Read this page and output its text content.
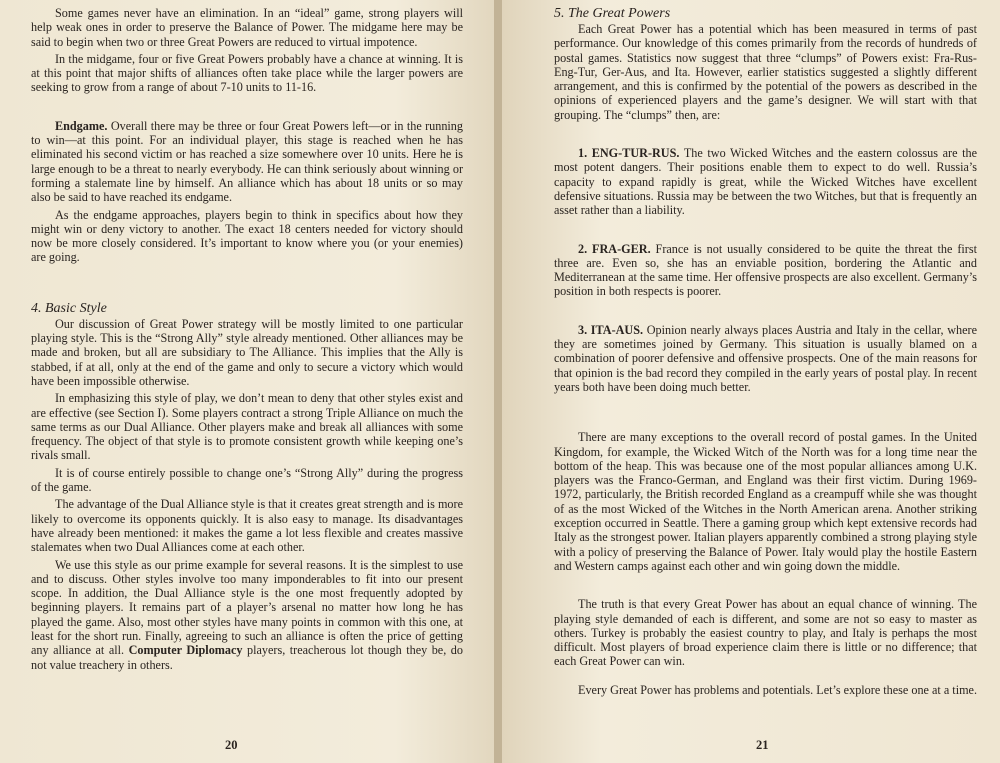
Some games never have an elimination. In an “ideal” game, strong players will help weak ones in order to preserve the Balance of Power. The midgame here may be said to begin when two or three Great Powers are reduced to virtual impotence.

In the midgame, four or five Great Powers probably have a chance at winning. It is at this point that major shifts of alliances often take place while the larger powers are seeking to grow from a range of about 7-10 units to 11-16.

Endgame. Overall there may be three or four Great Powers left—or in the running to win—at this point. For an individual player, this stage is reached when he has eliminated his second victim or has reached a size somewhere over 10 units. Here he is large enough to be a threat to nearly everybody. He can think seriously about winning or forming a stalemate line by himself. An alliance which has about 18 units or so may also be said to have reached its endgame.

As the endgame approaches, players begin to think in specifics about how they might win or deny victory to another. The exact 18 centers needed for victory should now be more closely considered. It’s important to know where you (or your enemies) are going.

4. Basic Style

Our discussion of Great Power strategy will be mostly limited to one particular playing style. This is the “Strong Ally” style already mentioned. Other alliances may be made and broken, but all are subsidiary to The Alliance. This implies that the Ally is stabbed, if at all, only at the end of the game and only to secure a victory which would have been impossible otherwise.

In emphasizing this style of play, we don’t mean to deny that other styles exist and are effective (see Section I). Some players contract a strong Triple Alliance on much the same terms as our Dual Alliance. Other players make and break all alliances with some frequency. The object of that style is to promote consistent growth while keeping one’s rivals small.

It is of course entirely possible to change one’s “Strong Ally” during the progress of the game.

The advantage of the Dual Alliance style is that it creates great strength and is more likely to overcome its opponents quickly. It is also easy to manage. Its disadvantages have already been mentioned: it makes the game a lot less flexible and creates massive stalemates when two Dual Alliances come at each other.

We use this style as our prime example for several reasons. It is the simplest to use and to discuss. Other styles involve too many imponderables to fit into our present scope. In addition, the Dual Alliance style is the one most frequently adopted by beginning players. It remains part of a player’s arsenal no matter how long he has played the game. Also, most other styles have many points in common with this one, at least for the short run. Finally, agreeing to such an alliance is often the price of getting any alliance at all. Computer Diplomacy players, treacherous lot though they be, do not value treachery in others.

20
5. The Great Powers

Each Great Power has a potential which has been measured in terms of past performance. Our knowledge of this comes primarily from the records of hundreds of postal games. Statistics now suggest that three “clumps” of Powers exist: Fra-Rus-Eng-Tur, Ger-Aus, and Ita. However, earlier statistics suggested a slightly different arrangement, and this is confirmed by the potential of the powers as described in the opinions of experienced players and the game’s designer. We will start with that grouping. The “clumps” then, are:

1. ENG-TUR-RUS. The two Wicked Witches and the eastern colossus are the most potent dangers. Their positions enable them to expect to do well. Russia’s capacity to expand rapidly is great, while the Wicked Witches have excellent defensive situations. Russia may be between the two Witches, but that is frequently an asset rather than a liability.

2. FRA-GER. France is not usually considered to be quite the threat the first three are. Even so, she has an enviable position, bordering the Atlantic and Mediterranean at the same time. Her offensive prospects are also excellent. Germany’s position in both respects is poorer.

3. ITA-AUS. Opinion nearly always places Austria and Italy in the cellar, where they are sometimes joined by Germany. This situation is usually blamed on a combination of poorer defensive and offensive prospects. One of the main reasons for that opinion is the bad record they compiled in the early years of postal play. In recent years both have been doing much better.

There are many exceptions to the overall record of postal games. In the United Kingdom, for example, the Wicked Witch of the North was for a long time near the bottom of the heap. This was because one of the most popular alliances among U.K. players was the Franco-German, and England was their first victim. During 1969-1972, particularly, the British recorded England as a creampuff while she was thought of as the most Wicked of the Witches in the North American arena. Another striking exception occurred in Seattle. There a gaming group which kept extensive records had Italy as the strongest power. Italian players apparently combined a strong playing style with a policy of preserving the Balance of Power. Italy would play the hostile Eastern and Western camps against each other and win going down the middle.

The truth is that every Great Power has about an equal chance of winning. The playing style demanded of each is different, and some are not so easy to master as others. Turkey is probably the easiest country to play, and Italy is perhaps the most difficult. Most players of broad experience claim there is little or no difference; that each Great Power can win.

Every Great Power has problems and potentials. Let’s explore these one at a time.

21
